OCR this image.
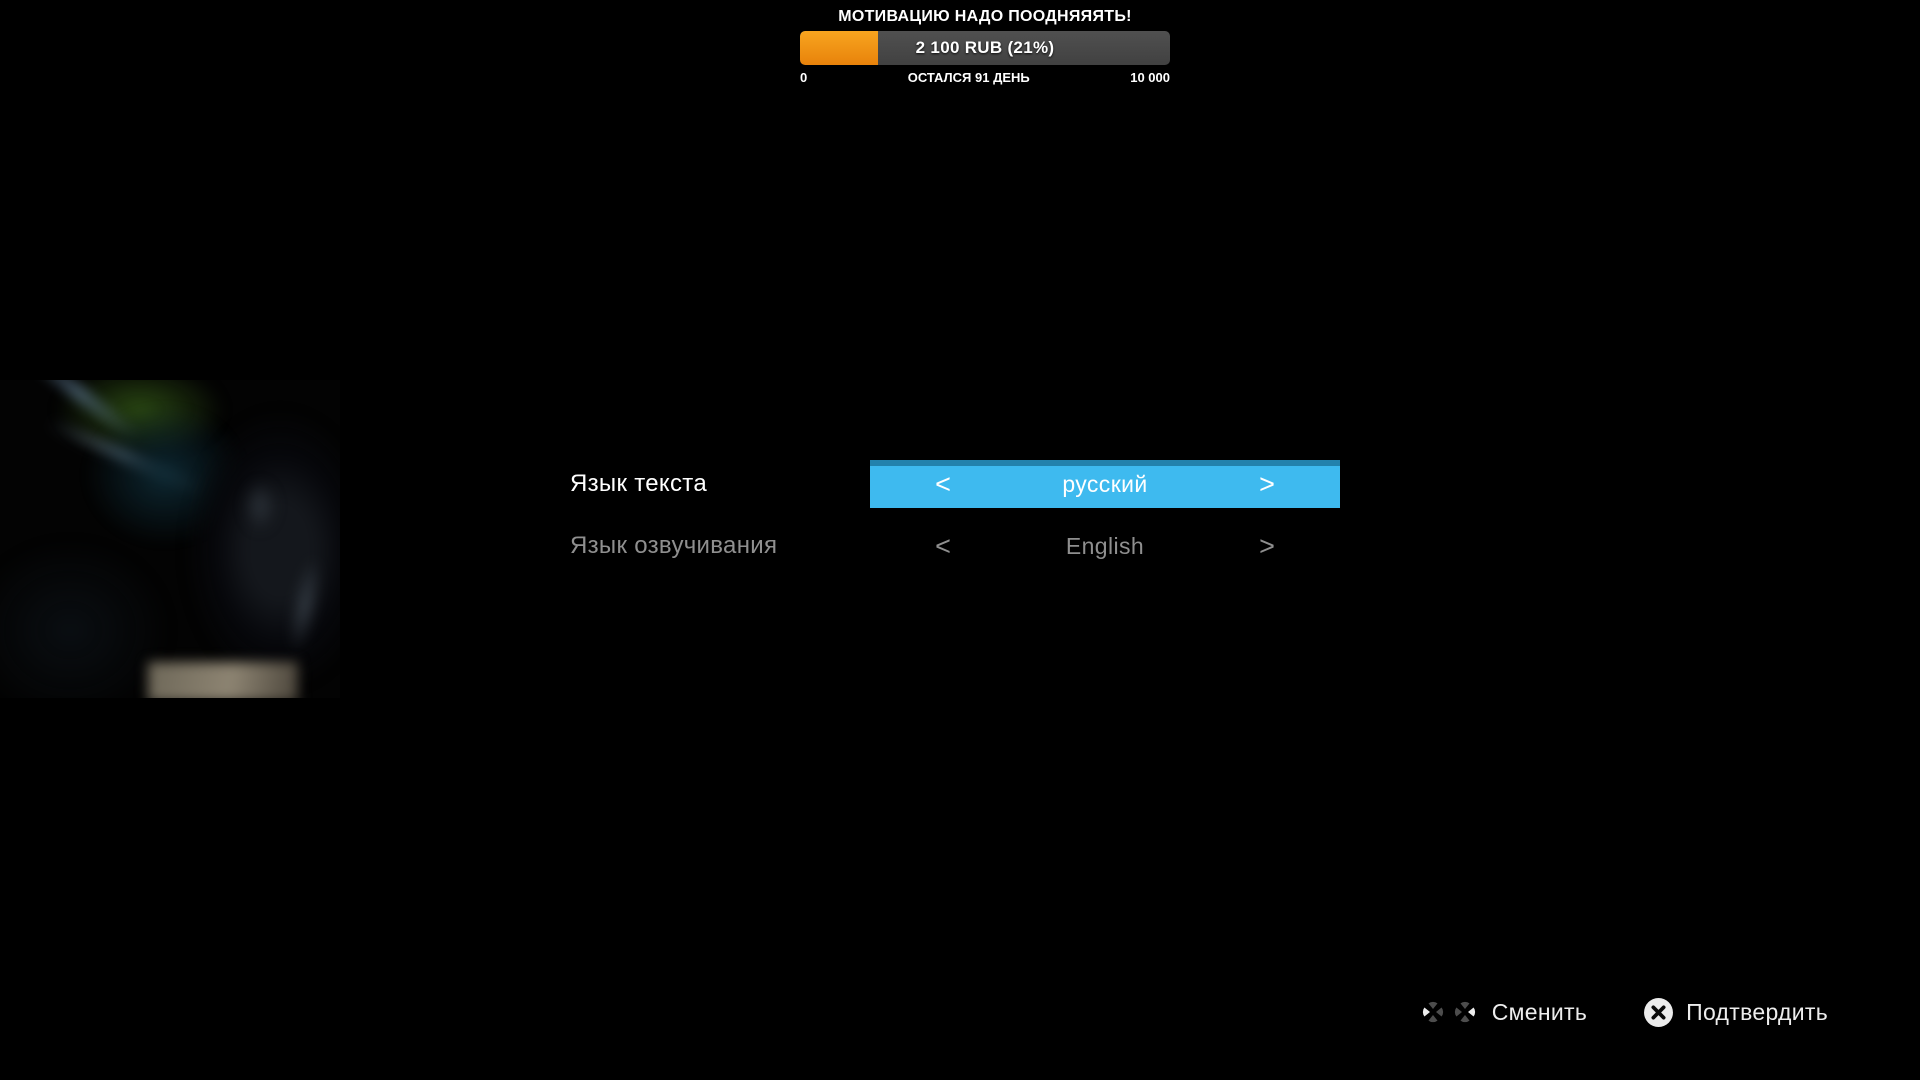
МОТИВАЦИЮ НАДО ПООДНЯЯЯТЬ!
2 100 RUB (21%)
0	ОСТАЛСЯ 91 ДЕНЬ	10 000
Язык текста	<	русский	>
Язык озвучивания	<	English	>
Сменить	Подтвердить
